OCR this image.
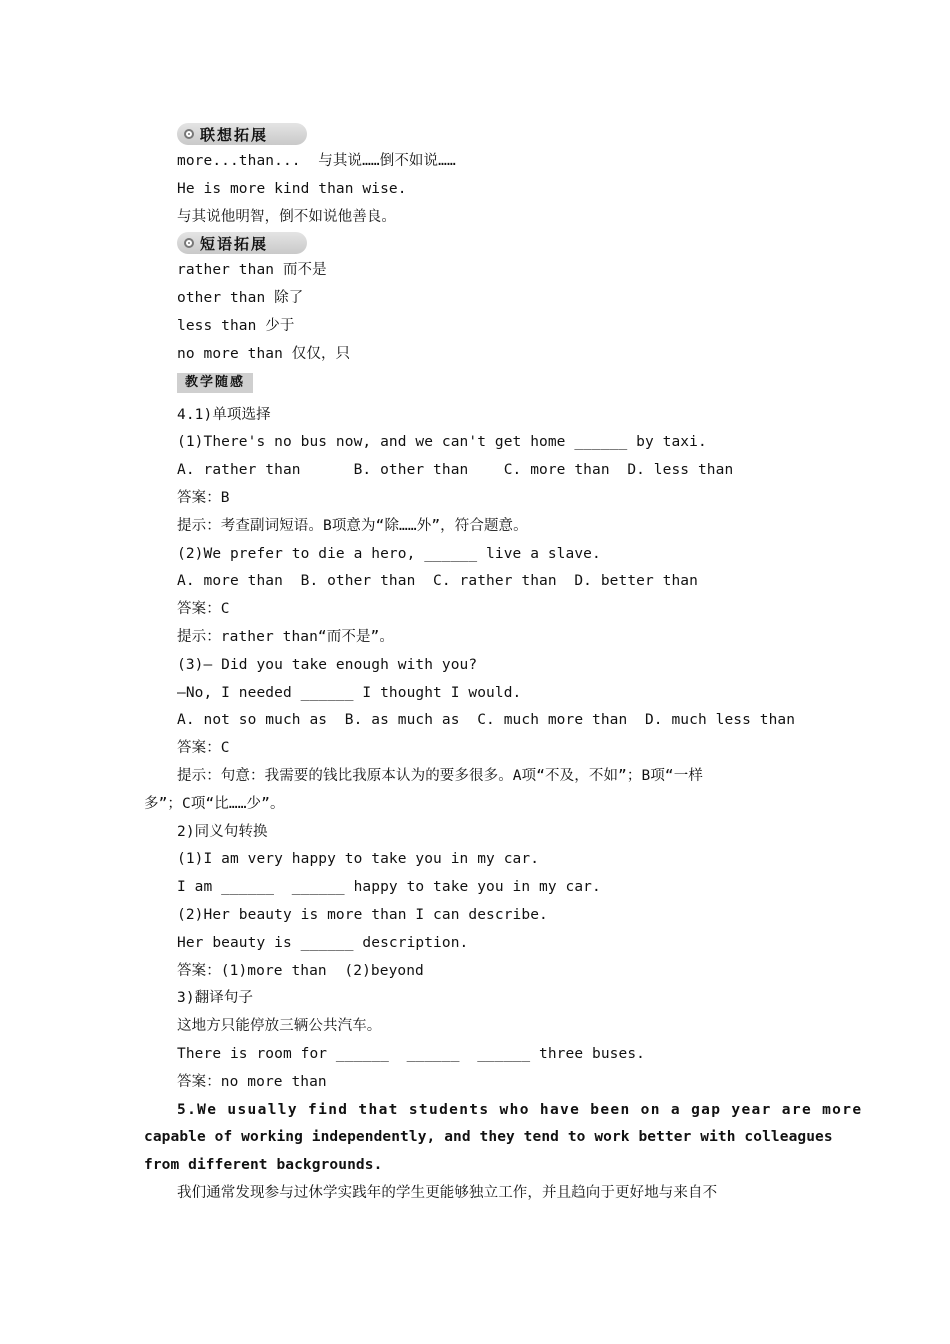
联想拓展
more...than...  与其说……倒不如说……
He is more kind than wise.
与其说他明智，倒不如说他善良。
短语拓展
rather than 而不是
other than 除了
less than 少于
no more than 仅仅，只
教学随感
4.1)单项选择
(1)There's no bus now, and we can't get home ______ by taxi.
A. rather than      B. other than    C. more than  D. less than
答案：B
提示：考查副词短语。B项意为“除……外”，符合题意。
(2)We prefer to die a hero, ______ live a slave.
A. more than  B. other than  C. rather than  D. better than
答案：C
提示：rather than“而不是”。
(3)— Did you take enough with you?
—No, I needed ______ I thought I would.
A. not so much as  B. as much as  C. much more than  D. much less than
答案：C
提示：句意：我需要的钱比我原本认为的要多很多。A项“不及，不如”；B项“一样
多”；C项“比……少”。
2)同义句转换
(1)I am very happy to take you in my car.
I am ______  ______ happy to take you in my car.
(2)Her beauty is more than I can describe.
Her beauty is ______ description.
答案：(1)more than  (2)beyond
3)翻译句子
这地方只能停放三辆公共汽车。
There is room for ______  ______  ______ three buses.
答案：no more than
5.We usually find that students who have been on a gap year are more
capable of working independently, and they tend to work better with colleagues
from different backgrounds.
我们通常发现参与过休学实践年的学生更能够独立工作，并且趋向于更好地与来自不
